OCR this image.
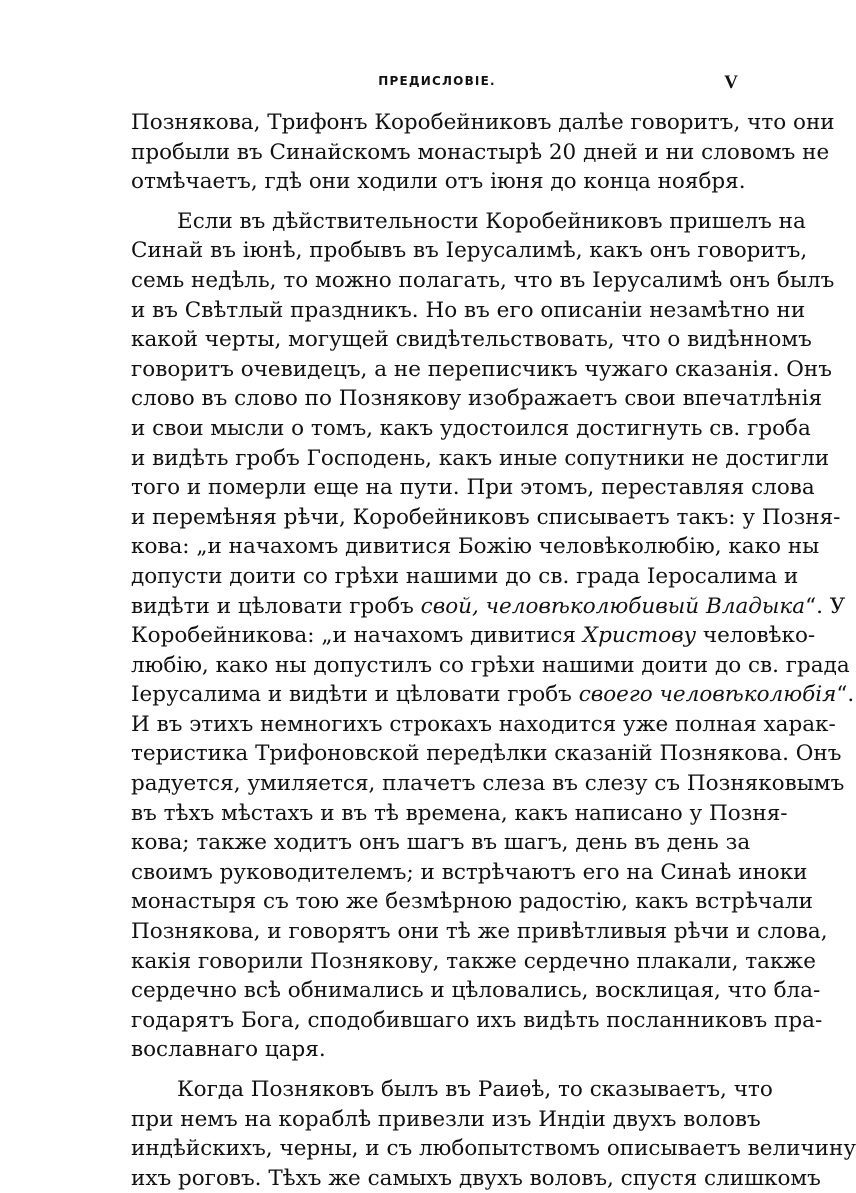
ПРЕДИСЛОВІЕ.	V
Познякова, Трифонъ Коробейниковъ далѣе говоритъ, что они
пробыли въ Синайскомъ монастырѣ 20 дней и ни словомъ не
отмѣчаетъ, гдѣ они ходили отъ іюня до конца ноября.
Если въ дѣйствительности Коробейниковъ пришелъ на
Синай въ іюнѣ, пробывъ въ Іерусалимѣ, какъ онъ говоритъ,
семь недѣль, то можно полагать, что въ Іерусалимѣ онъ былъ
и въ Свѣтлый праздникъ. Но въ его описаніи незамѣтно ни
какой черты, могущей свидѣтельствовать, что о видѣнномъ
говоритъ очевидецъ, а не переписчикъ чужаго сказанія. Онъ
слово въ слово по Познякову изображаетъ свои впечатлѣнія
и свои мысли о томъ, какъ удостоился достигнуть св. гроба
и видѣть гробъ Господень, какъ иные сопутники не достигли
того и померли еще на пути. При этомъ, переставляя слова
и перемѣняя рѣчи, Коробейниковъ списываетъ такъ: у Позня-
кова: „и начахомъ дивитися Божію человѣколюбію, како ны
допусти доити со грѣхи нашими до св. града Іеросалима и
видѣти и цѣловати гробъ свой, человѣколюбивый Владыка“. У
Коробейникова: „и начахомъ дивитися Христову человѣко-
любію, како ны допустилъ со грѣхи нашими доити до св. града
Іерусалима и видѣти и цѣловати гробъ своего человѣколюбія“.
И въ этихъ немногихъ строкахъ находится уже полная харак-
теристика Трифоновской передѣлки сказаній Познякова. Онъ
радуется, умиляется, плачетъ слеза въ слезу съ Позняковымъ
въ тѣхъ мѣстахъ и въ тѣ времена, какъ написано у Позня-
кова; также ходитъ онъ шагъ въ шагъ, день въ день за
своимъ руководителемъ; и встрѣчаютъ его на Синаѣ иноки
монастыря съ тою же безмѣрною радостію, какъ встрѣчали
Познякова, и говорятъ они тѣ же привѣтливыя рѣчи и слова,
какія говорили Познякову, также сердечно плакали, также
сердечно всѣ обнимались и цѣловались, восклицая, что бла-
годарятъ Бога, сподобившаго ихъ видѣть посланниковъ пра-
вославнаго царя.
Когда Позняковъ былъ въ Раиѳѣ, то сказываетъ, что
при немъ на кораблѣ привезли изъ Индіи двухъ воловъ
индѣйскихъ, черны, и съ любопытствомъ описываетъ величину
ихъ роговъ. Тѣхъ же самыхъ двухъ воловъ, спустя слишкомъ
